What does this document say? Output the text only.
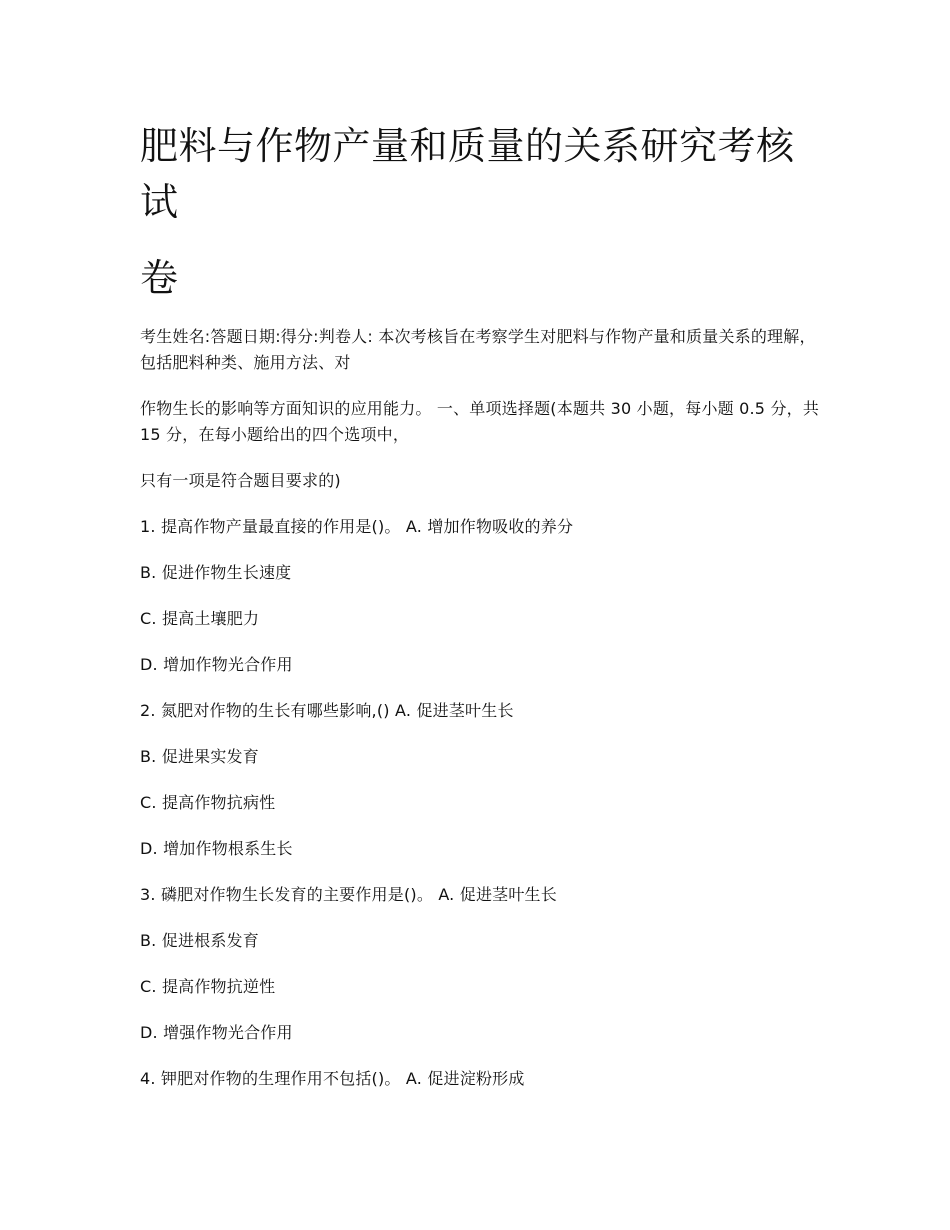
肥料与作物产量和质量的关系研究考核试
卷

考生姓名:答题日期:得分:判卷人: 本次考核旨在考察学生对肥料与作物产量和质量关系的理解，包括肥料种类、施用方法、对

作物生长的影响等方面知识的应用能力。 一、单项选择题(本题共 30 小题，每小题 0.5 分，共 15 分，在每小题给出的四个选项中，

只有一项是符合题目要求的)

1. 提高作物产量最直接的作用是()。 A. 增加作物吸收的养分

B. 促进作物生长速度

C. 提高土壤肥力

D. 增加作物光合作用

2. 氮肥对作物的生长有哪些影响,() A. 促进茎叶生长

B. 促进果实发育

C. 提高作物抗病性

D. 增加作物根系生长

3. 磷肥对作物生长发育的主要作用是()。 A. 促进茎叶生长

B. 促进根系发育

C. 提高作物抗逆性

D. 增强作物光合作用

4. 钾肥对作物的生理作用不包括()。 A. 促进淀粉形成
